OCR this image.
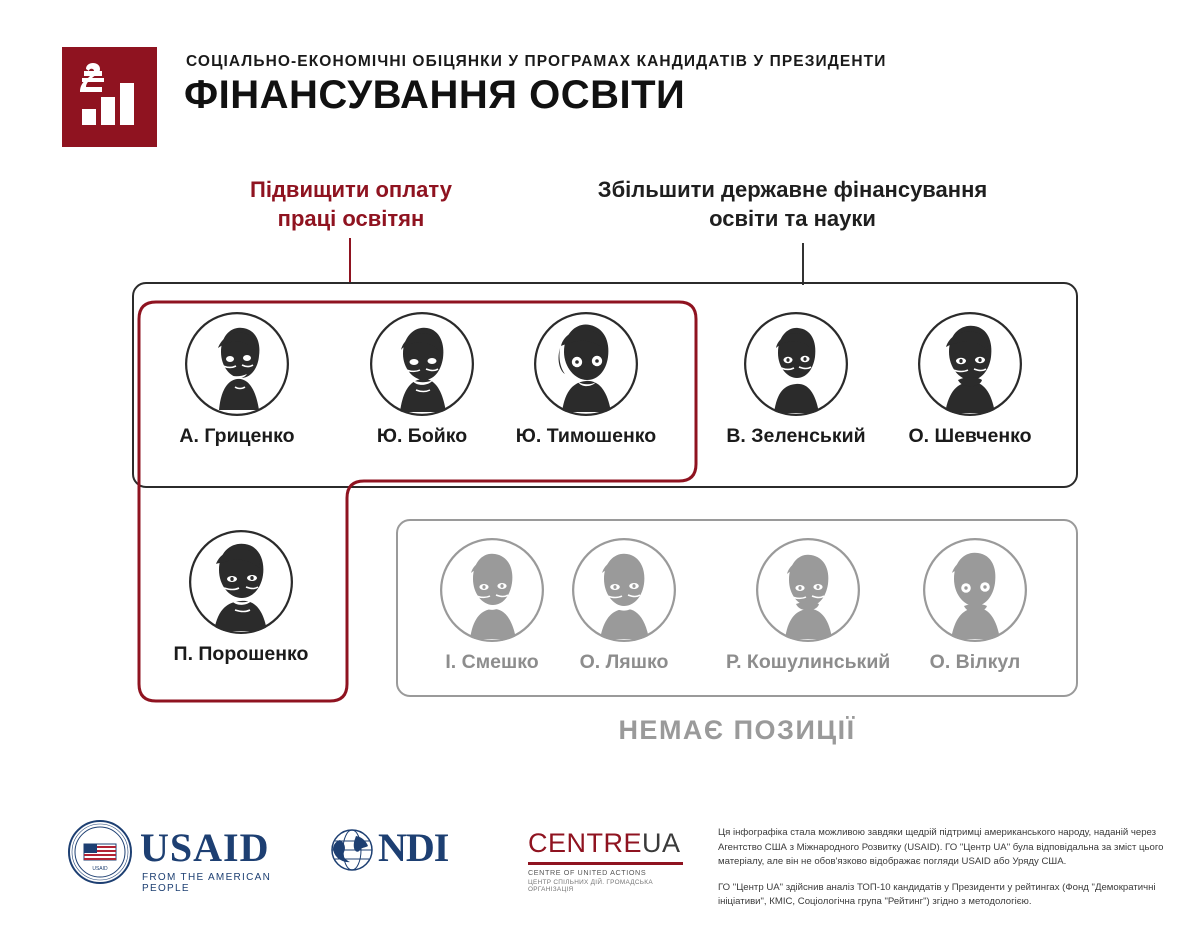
СОЦІАЛЬНО-ЕКОНОМІЧНІ ОБІЦЯНКИ У ПРОГРАМАХ КАНДИДАТІВ У ПРЕЗИДЕНТИ
ФІНАНСУВАННЯ ОСВІТИ
Підвищити оплату
праці освітян
Збільшити державне фінансування
освіти та науки
А. Гриценко	Ю. Бойко	Ю. Тимошенко	В. Зеленський	О. Шевченко
П. Порошенко	І. Смешко	О. Ляшко	Р. Кошулинський	О. Вілкул
НЕМАЄ ПОЗИЦІЇ
USAID USAID
FROM THE AMERICAN PEOPLE
NDI	CENTREUA
CENTRE OF UNITED ACTIONS
ЦЕНТР СПІЛЬНИХ ДІЙ. ГРОМАДСЬКА ОРГАНІЗАЦІЯ

Ця інфографіка стала можливою завдяки щедрій підтримці американського народу, наданій через Агентство США з Міжнародного Розвитку (USAID). ГО "Центр UA" була відповідальна за зміст цього матеріалу, але він не обов'язково відображає погляди USAID або Уряду США.

ГО "Центр UA" здійснив аналіз ТОП-10 кандидатів у Президенти у рейтингах (Фонд "Демократичні ініціативи", КМІС, Соціологічна група "Рейтинг") згідно з методологією.
